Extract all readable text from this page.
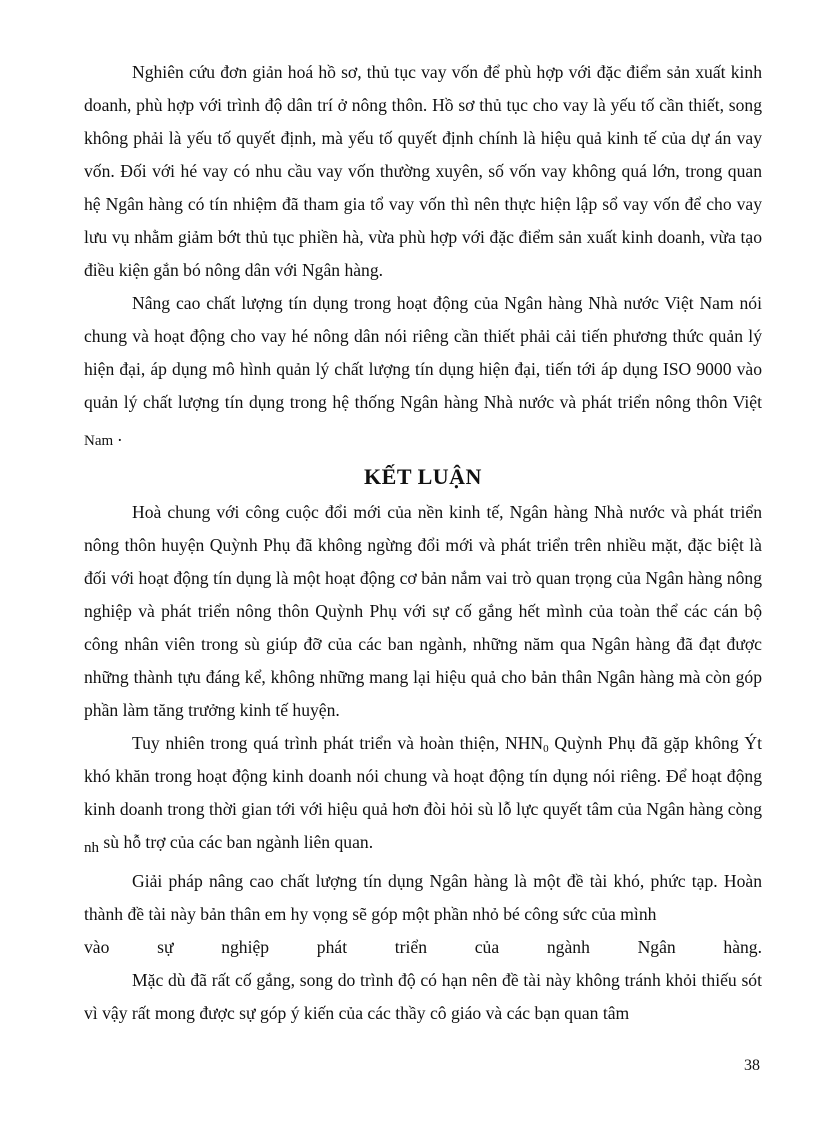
Nghiên cứu đơn giản hoá hồ sơ, thủ tục vay vốn để phù hợp với đặc điểm sản xuất kinh doanh, phù hợp với trình độ dân trí ở nông thôn. Hồ sơ thủ tục cho vay là yếu tố cần thiết, song không phải là yếu tố quyết định, mà yếu tố quyết định chính là hiệu quả kinh tế của dự án vay vốn. Đối với hé vay có nhu cầu vay vốn thường xuyên, số vốn vay không quá lớn, trong quan hệ Ngân hàng có tín nhiệm đã tham gia tổ vay vốn thì nên thực hiện lập sổ vay vốn để cho vay lưu vụ nhằm giảm bớt thủ tục phiền hà, vừa phù hợp với đặc điểm sản xuất kinh doanh, vừa tạo điều kiện gắn bó nông dân với Ngân hàng.

Nâng cao chất lượng tín dụng trong hoạt động của Ngân hàng Nhà nước Việt Nam nói chung và hoạt động cho vay hé nông dân nói riêng cần thiết phải cải tiến phương thức quản lý hiện đại, áp dụng mô hình quản lý chất lượng tín dụng hiện đại, tiến tới áp dụng ISO 9000 vào quản lý chất lượng tín dụng trong hệ thống Ngân hàng Nhà nước và phát triển nông thôn Việt Nam .

KẾT LUẬN

Hoà chung với công cuộc đổi mới của nền kinh tế, Ngân hàng Nhà nước và phát triển nông thôn huyện Quỳnh Phụ đã không ngừng đổi mới và phát triển trên nhiều mặt, đặc biệt là đối với hoạt động tín dụng là một hoạt động cơ bản nắm vai trò quan trọng của Ngân hàng nông nghiệp và phát triển nông thôn Quỳnh Phụ với sự cố gắng hết mình của toàn thể các cán bộ công nhân viên trong sù giúp đỡ của các ban ngành, những năm qua Ngân hàng đã đạt được những thành tựu đáng kể, không những mang lại hiệu quả cho bản thân Ngân hàng mà còn góp phần làm tăng trưởng kinh tế huyện.

Tuy nhiên trong quá trình phát triển và hoàn thiện, $NHN_0$ Quỳnh Phụ đã gặp không Ýt khó khăn trong hoạt động kinh doanh nói chung và hoạt động tín dụng nói riêng. Để hoạt động kinh doanh trong thời gian tới với hiệu quả hơn đòi hỏi sù lỗ lực quyết tâm của Ngân hàng còng nh sù hỗ trợ của các ban ngành liên quan.

Giải pháp nâng cao chất lượng tín dụng Ngân hàng là một đề tài khó, phức tạp. Hoàn thành đề tài này bản thân em hy vọng sẽ góp một phần nhỏ bé công sức của mình

vào sự nghiệp phát triển của ngành Ngân hàng.

Mặc dù đã rất cố gắng, song do trình độ có hạn nên đề tài này không tránh khỏi thiếu sót vì vậy rất mong được sự góp ý kiến của các thầy cô giáo và các bạn quan tâm

38
